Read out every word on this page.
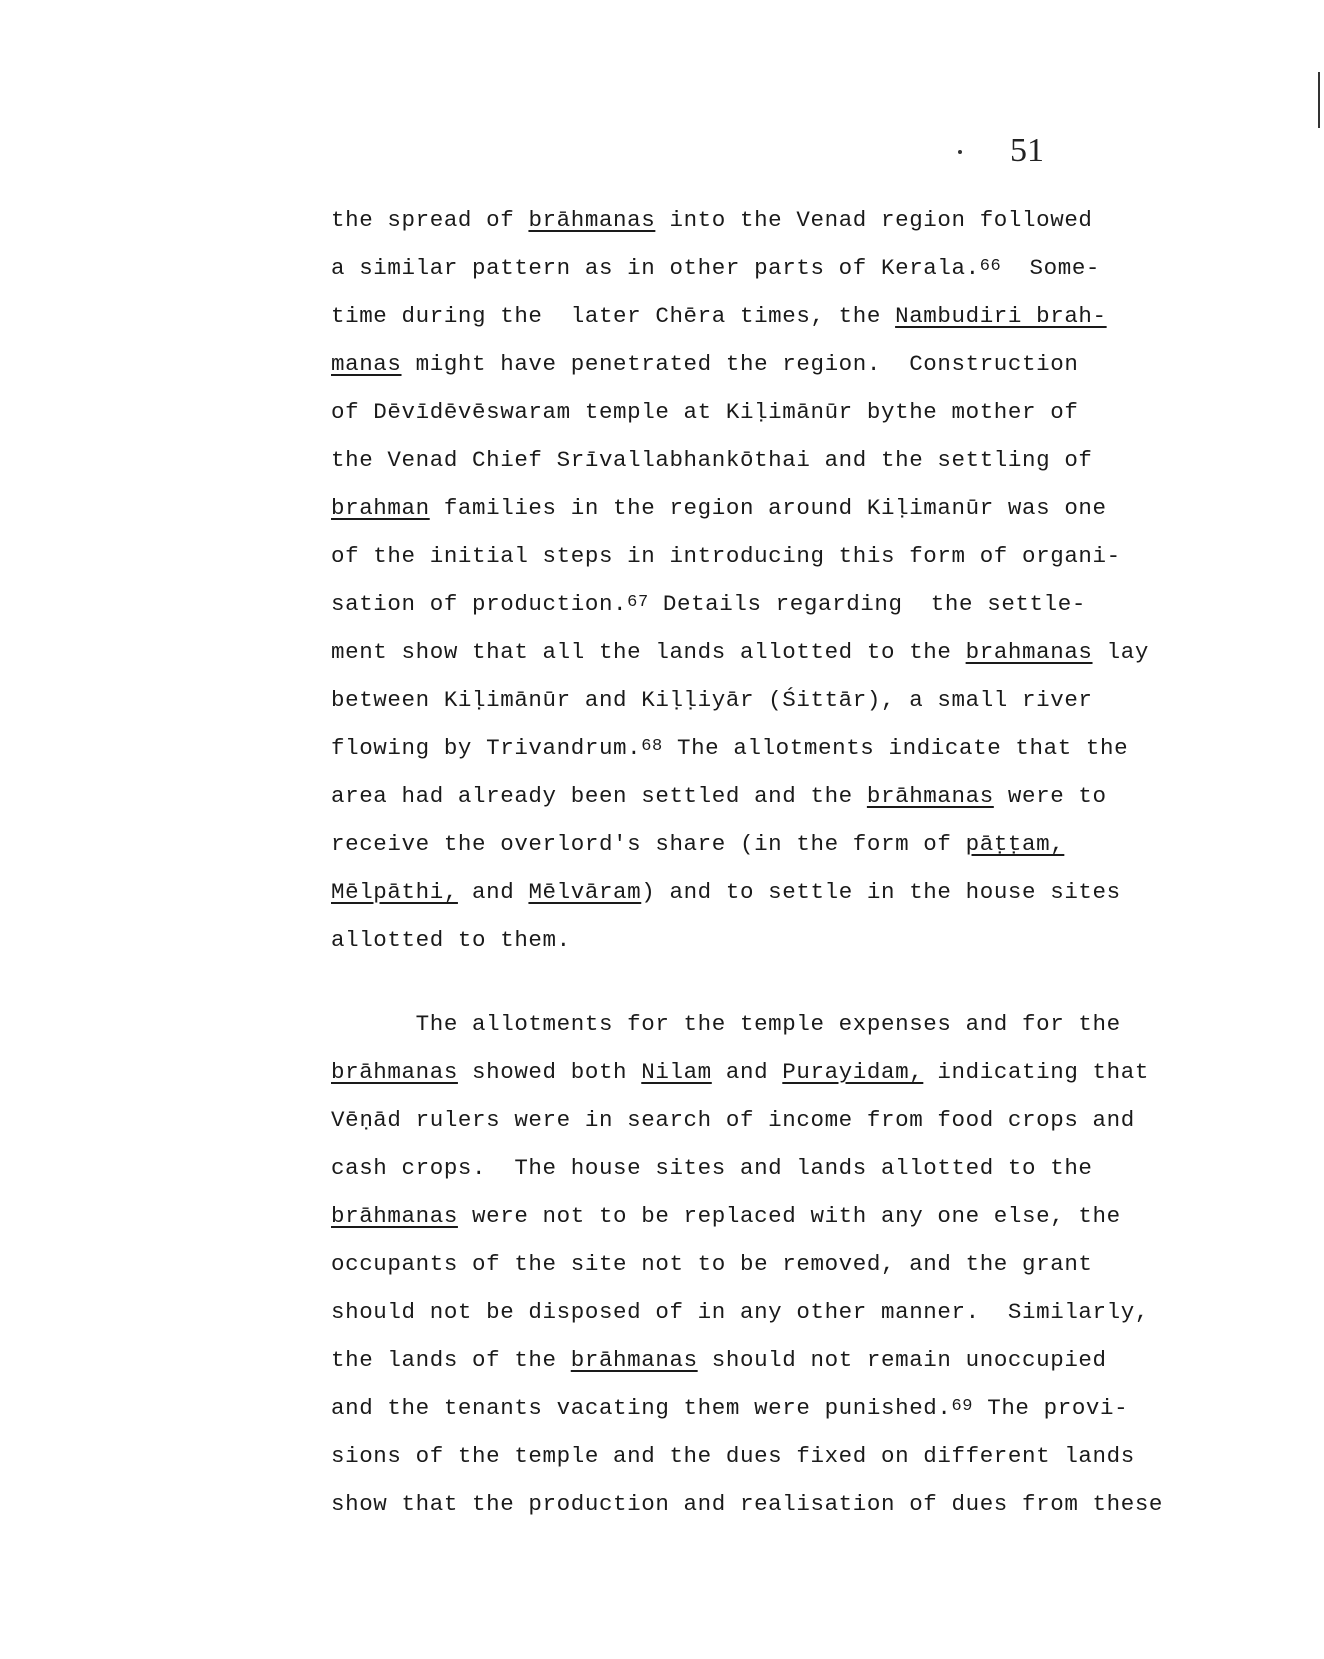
51
the spread of brāhmanas into the Venad region followed
a similar pattern as in other parts of Kerala.$^{66}$  Some-
time during the  later Chēra times, the Nambudiri brah-
manas might have penetrated the region.  Construction
of Dēvīdēvēswaram temple at Kiḷimānūr bythe mother of
the Venad Chief Srīvallabhankōthai and the settling of
brahman families in the region around Kiḷimanūr was one
of the initial steps in introducing this form of organi-
sation of production.$^{67}$ Details regarding  the settle-
ment show that all the lands allotted to the brahmanas lay
between Kiḷimānūr and Kiḷḷiyār (Śittār), a small river
flowing by Trivandrum.$^{68}$ The allotments indicate that the
area had already been settled and the brāhmanas were to
receive the overlord's share (in the form of pāṭṭam,
Mēlpāthi, and Mēlvāram) and to settle in the house sites
allotted to them.
The allotments for the temple expenses and for the
brāhmanas showed both Nilam and Purayidam, indicating that
Vēṇād rulers were in search of income from food crops and
cash crops.  The house sites and lands allotted to the
brāhmanas were not to be replaced with any one else, the
occupants of the site not to be removed, and the grant
should not be disposed of in any other manner.  Similarly,
the lands of the brāhmanas should not remain unoccupied
and the tenants vacating them were punished.$^{69}$ The provi-
sions of the temple and the dues fixed on different lands
show that the production and realisation of dues from these
